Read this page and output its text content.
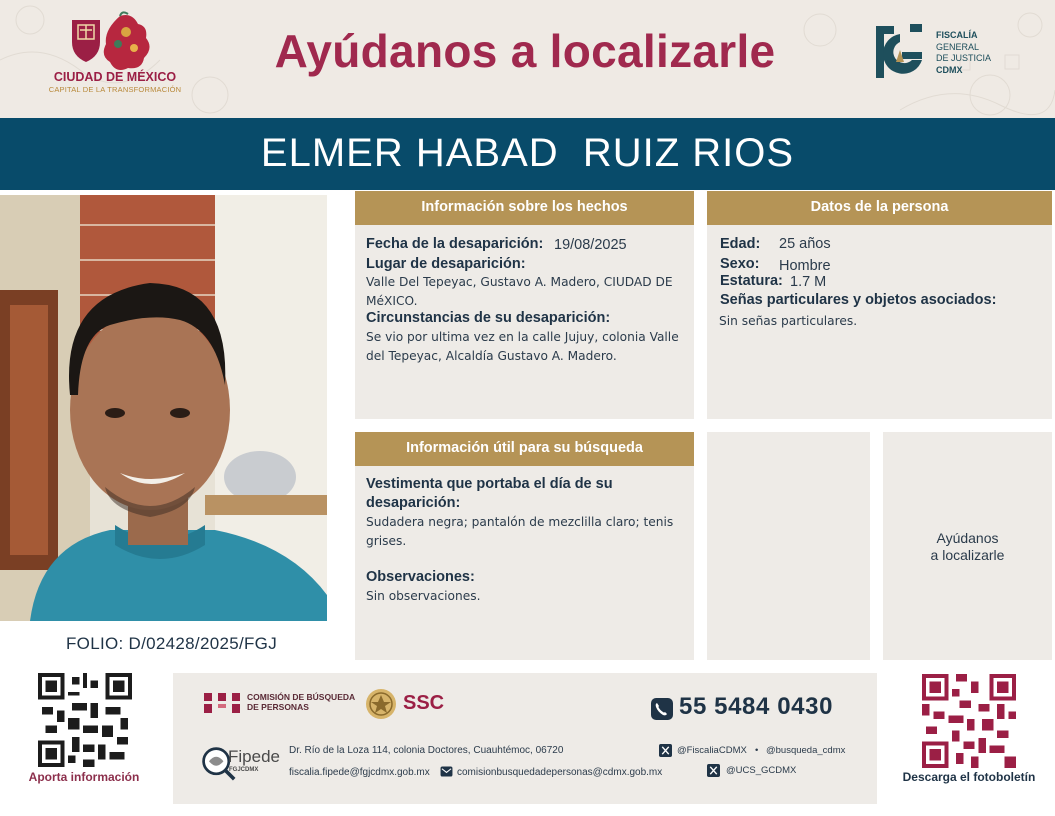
CIUDAD DE MÉXICO
CAPITAL DE LA TRANSFORMACIÓN
Ayúdanos a localizarle	FISCALÍA
GENERAL
DE JUSTICIA
CDMX
ELMER HABAD  RUIZ RIOS
FOLIO: D/02428/2025/FGJ
Información sobre los hechos
Fecha de la desaparición: 19/08/2025
Lugar de desaparición:
Valle Del Tepeyac, Gustavo A. Madero, CIUDAD DE MéXICO.
Circunstancias de su desaparición:
Se vio por ultima vez en la calle Jujuy, colonia Valle del Tepeyac, Alcaldía Gustavo A. Madero.
Datos de la persona
Edad: 25 años
Sexo: Hombre
Estatura: 1.7 M
Señas particulares y objetos asociados:
Sin señas particulares.
Información útil para su búsqueda
Vestimenta que portaba el día de su desaparición:
Sudadera negra; pantalón de mezclilla claro; tenis grises.
Observaciones:
Sin observaciones.
Ayúdanos
a localizarle
Aporta información
COMISIÓN DE BÚSQUEDA
DE PERSONAS	SSC	55 5484 0430
Fipede
FGJCDMX
Dr. Río de la Loza 114, colonia Doctores, Cuauhtémoc, 06720
fiscalia.fipede@fgjcdmx.gob.mx	comisionbusquedadepersonas@cdmx.gob.mx
@FiscaliaCDMX • @busqueda_cdmx
@UCS_GCDMX	Descarga el fotoboletín
